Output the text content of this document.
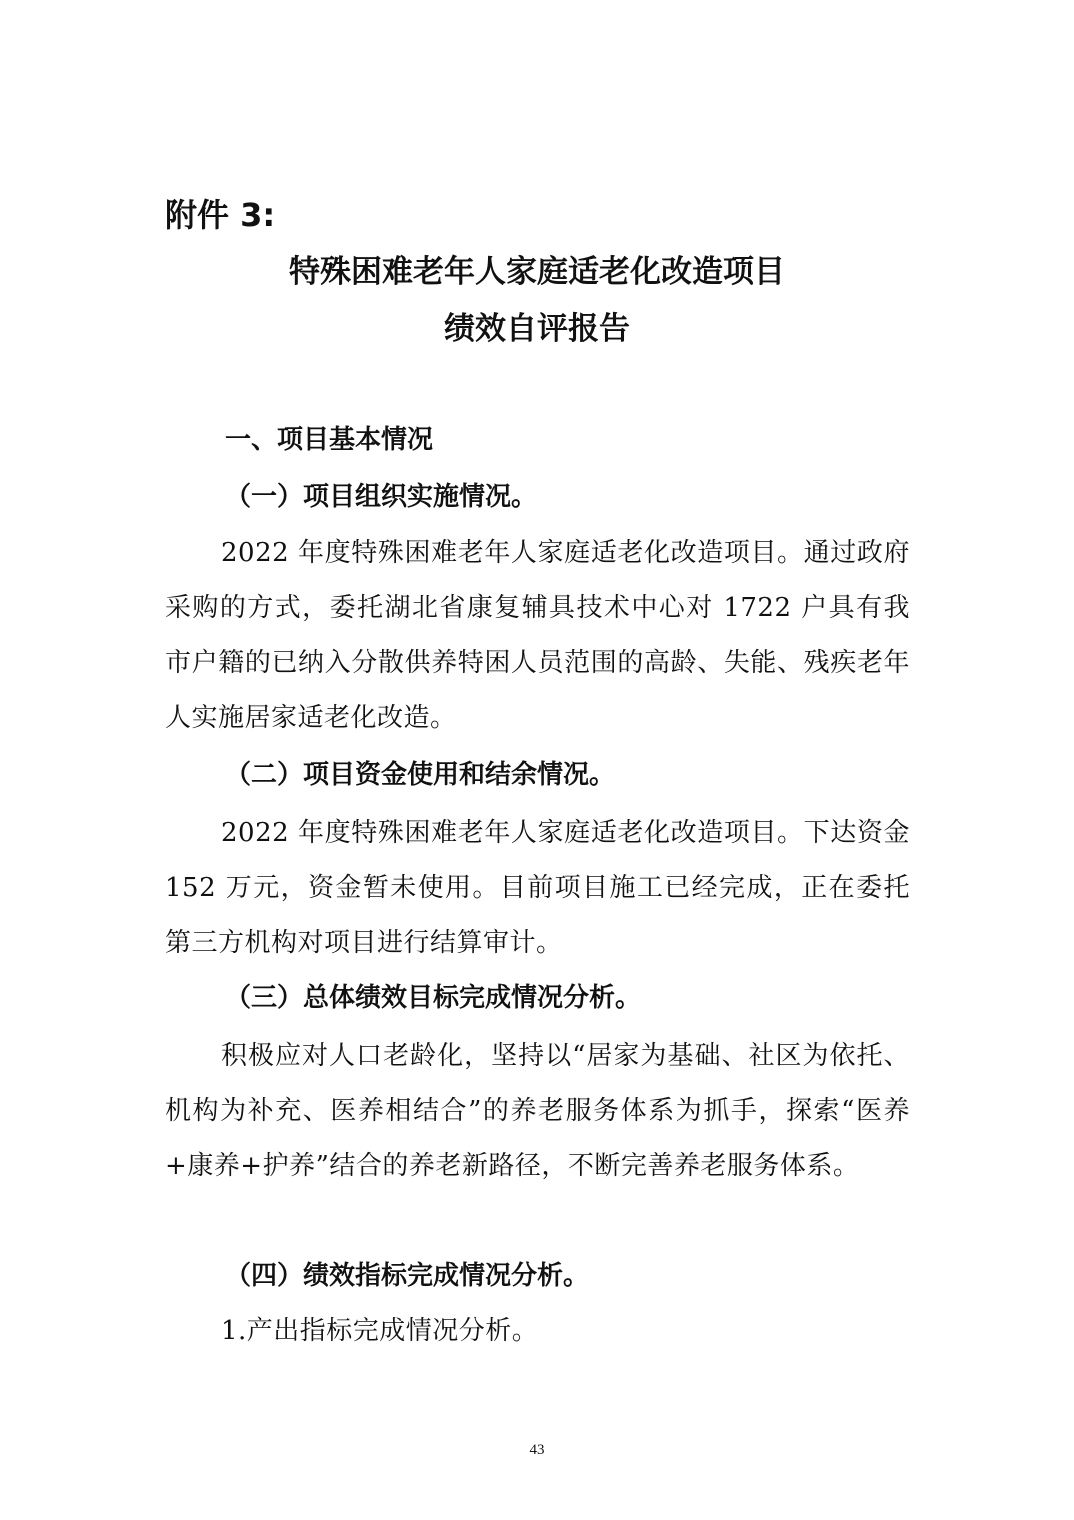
附件 3:
特殊困难老年人家庭适老化改造项目
绩效自评报告
一、项目基本情况
（一）项目组织实施情况。
2022 年度特殊困难老年人家庭适老化改造项目。通过政府采购的方式，委托湖北省康复辅具技术中心对 1722 户具有我市户籍的已纳入分散供养特困人员范围的高龄、失能、残疾老年人实施居家适老化改造。
（二）项目资金使用和结余情况。
2022 年度特殊困难老年人家庭适老化改造项目。下达资金 152 万元，资金暂未使用。目前项目施工已经完成，正在委托第三方机构对项目进行结算审计。
（三）总体绩效目标完成情况分析。
积极应对人口老龄化，坚持以“居家为基础、社区为依托、机构为补充、医养相结合”的养老服务体系为抓手，探索“医养+康养+护养”结合的养老新路径，不断完善养老服务体系。
（四）绩效指标完成情况分析。
1.产出指标完成情况分析。
43
